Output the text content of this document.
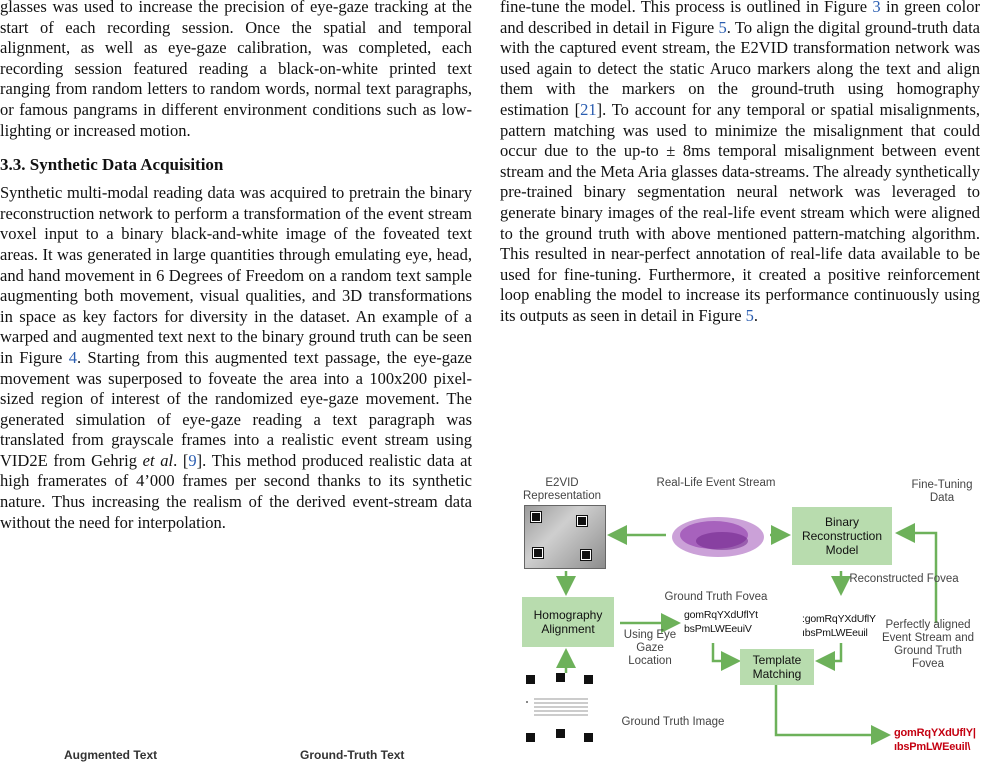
glasses was used to increase the precision of eye-gaze tracking at the start of each recording session. Once the spatial and temporal alignment, as well as eye-gaze calibration, was completed, each recording session featured reading a black-on-white printed text ranging from random letters to random words, normal text paragraphs, or famous pangrams in different environment conditions such as low-lighting or increased motion.

3.3. Synthetic Data Acquisition

Synthetic multi-modal reading data was acquired to pretrain the binary reconstruction network to perform a transformation of the event stream voxel input to a binary black-and-white image of the foveated text areas. It was generated in large quantities through emulating eye, head, and hand movement in 6 Degrees of Freedom on a random text sample augmenting both movement, visual qualities, and 3D transformations in space as key factors for diversity in the dataset. An example of a warped and augmented text next to the binary ground truth can be seen in Figure 4. Starting from this augmented text passage, the eye-gaze movement was superposed to foveate the area into a 100x200 pixel-sized region of interest of the randomized eye-gaze movement. The generated simulation of eye-gaze reading a text paragraph was translated from grayscale frames into a realistic event stream using VID2E from Gehrig et al. [9]. This method produced realistic data at high framerates of 4’000 frames per second thanks to its synthetic nature. Thus increasing the realism of the derived event-stream data without the need for interpolation.

Augmented Text	Ground-Truth Text

fine-tune the model. This process is outlined in Figure 3 in green color and described in detail in Figure 5. To align the digital ground-truth data with the captured event stream, the E2VID transformation network was used again to detect the static Aruco markers along the text and align them with the markers on the ground-truth using homography estimation [21]. To account for any temporal or spatial misalignments, pattern matching was used to minimize the misalignment that could occur due to the up-to ± 8ms temporal misalignment between event stream and the Meta Aria glasses data-streams. The already synthetically pre-trained binary segmentation neural network was leveraged to generate binary images of the real-life event stream which were aligned to the ground truth with above mentioned pattern-matching algorithm. This resulted in near-perfect annotation of real-life data available to be used for fine-tuning. Furthermore, it created a positive reinforcement loop enabling the model to increase its performance continuously using its outputs as seen in detail in Figure 5.

E2VID Representation
Real-Life Event Stream	Fine-Tuning Data
Binary Reconstruction Model
Homography Alignment
Ground Truth Fovea
gomRqYXdUflYt
bsPmLWEeuiV
Reconstructed Fovea
:gomRqYXdUflY
ıbsPmLWEeuil
Using Eye Gaze Location	Template Matching
Perfectly aligned Event Stream and Ground Truth Fovea
Ground Truth Image
gomRqYXdUflY|
ıbsPmLWEeuil\
